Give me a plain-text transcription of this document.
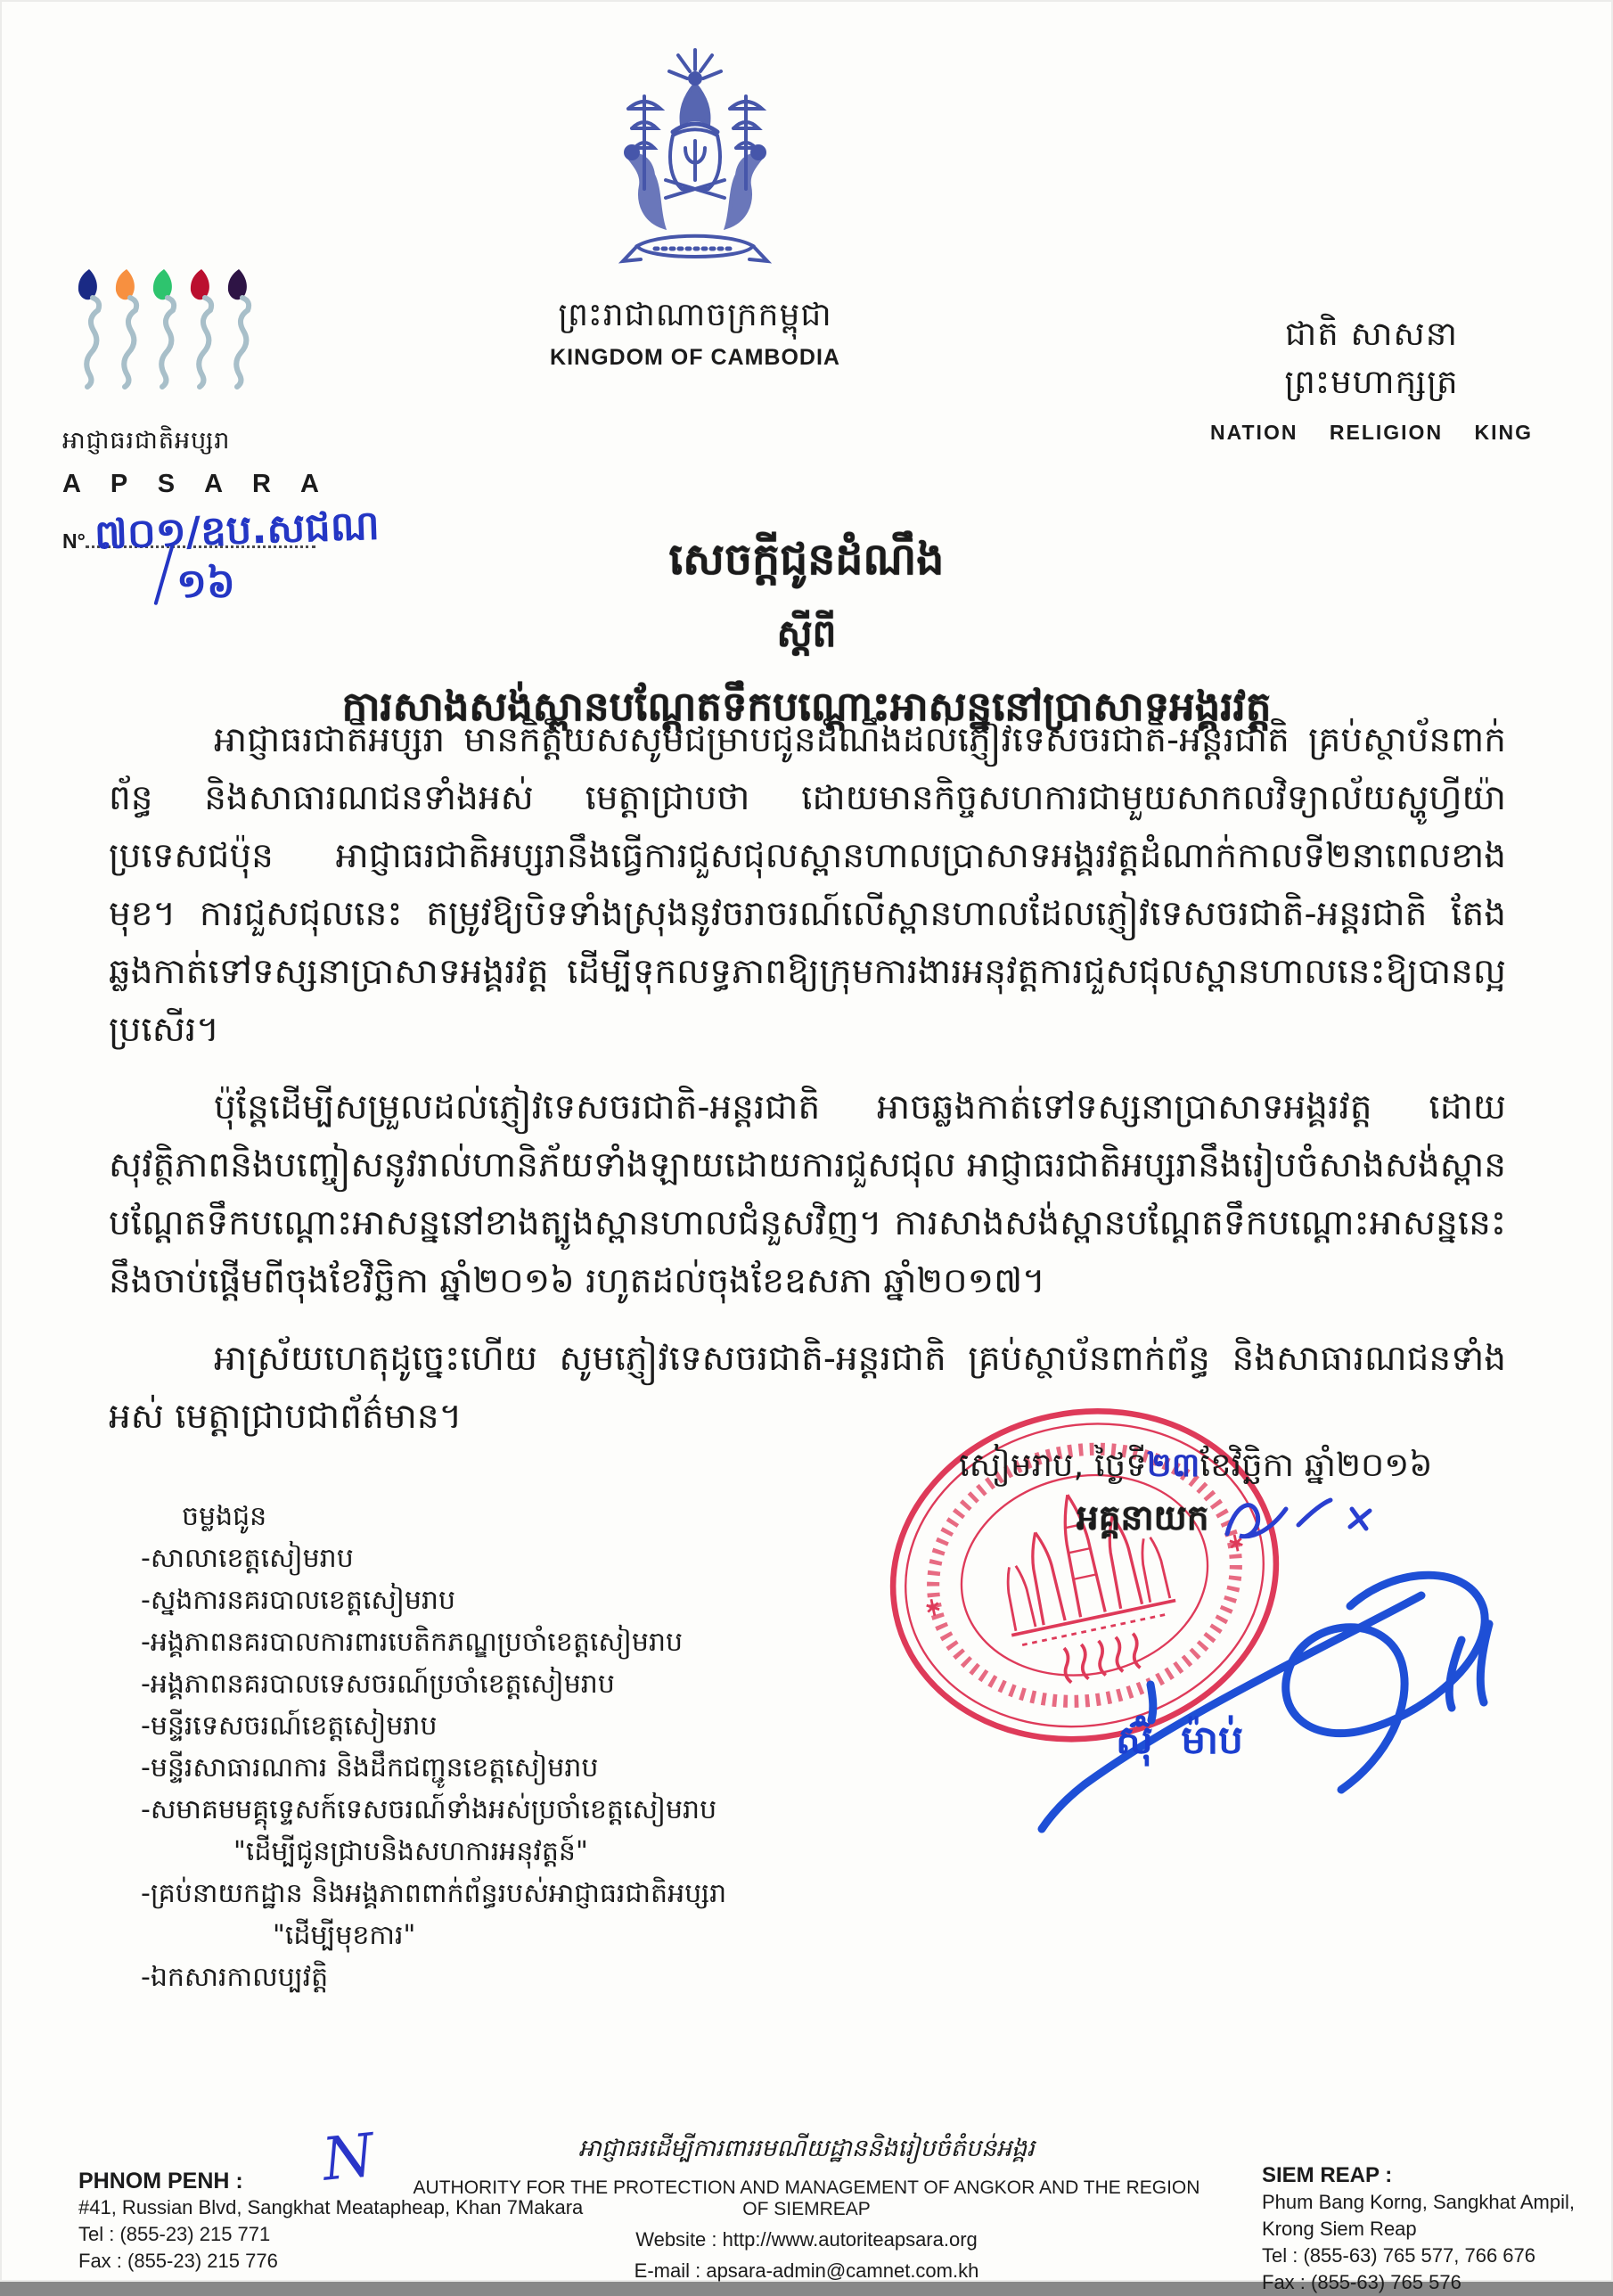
ព្រះរាជាណាចក្រកម្ពុជា
KINGDOM OF CAMBODIA
ជាតិ សាសនា ព្រះមហាក្សត្រ
NATION RELIGION KING
អាជ្ញាធរជាតិអប្សរា
A P S A R A
N° ៧០១/ឧប.សជណ
១៦	សេចក្តីជូនដំណឹង
ស្តីពី
ការសាងសង់ស្ពានបណ្តែតទឹកបណ្តោះអាសន្ននៅប្រាសាទអង្គរវត្ត

អាជ្ញាធរជាតិអប្សរា មានកិត្តិយសសូមជម្រាបជូនដំណឹងដល់ភ្ញៀវទេសចរជាតិ-អន្តរជាតិ គ្រប់ស្ថាប័នពាក់ព័ន្ធ និងសាធារណជនទាំងអស់ មេត្តាជ្រាបថា ដោយមានកិច្ចសហការជាមួយសាកលវិទ្យាល័យស្ហូហ្វីយ៉ា ប្រទេសជប៉ុន អាជ្ញាធរជាតិអប្សរានឹងធ្វើការជួសជុលស្ពានហាលប្រាសាទអង្គរវត្តដំណាក់កាលទី២នាពេលខាងមុខ។ ការជួសជុលនេះ តម្រូវឱ្យបិទទាំងស្រុងនូវចរាចរណ៍លើស្ពានហាលដែលភ្ញៀវទេសចរជាតិ-អន្តរជាតិ តែងឆ្លងកាត់ទៅទស្សនាប្រាសាទអង្គរវត្ត ដើម្បីទុកលទ្ធភាពឱ្យក្រុមការងារអនុវត្តការជួសជុលស្ពានហាលនេះឱ្យបានល្អប្រសើរ។

ប៉ុន្តែដើម្បីសម្រួលដល់ភ្ញៀវទេសចរជាតិ-អន្តរជាតិ អាចឆ្លងកាត់ទៅទស្សនាប្រាសាទអង្គរវត្ត ដោយសុវត្ថិភាពនិងបញ្ចៀសនូវរាល់ហានិភ័យទាំងឡាយដោយការជួសជុល អាជ្ញាធរជាតិអប្សរានឹងរៀបចំសាងសង់ស្ពានបណ្តែតទឹកបណ្តោះអាសន្ននៅខាងត្បូងស្ពានហាលជំនួសវិញ។ ការសាងសង់ស្ពានបណ្តែតទឹកបណ្តោះអាសន្ននេះ នឹងចាប់ផ្តើមពីចុងខែវិច្ឆិកា ឆ្នាំ២០១៦ រហូតដល់ចុងខែឧសភា ឆ្នាំ២០១៧។

អាស្រ័យហេតុដូច្នេះហើយ សូមភ្ញៀវទេសចរជាតិ-អន្តរជាតិ គ្រប់ស្ថាប័នពាក់ព័ន្ធ និងសាធារណជនទាំងអស់ មេត្តាជ្រាបជាព័ត៌មាន។

សៀមរាប, ថ្ងៃទី២៣ខែវិច្ឆិកា ឆ្នាំ២០១៦
អគ្គនាយក
ស៊ុំ ម៉ាប់
ចម្លងជូន
-សាលាខេត្តសៀមរាប
-ស្នងការនគរបាលខេត្តសៀមរាប
-អង្គភាពនគរបាលការពារបេតិកភណ្ឌប្រចាំខេត្តសៀមរាប
-អង្គភាពនគរបាលទេសចរណ៍ប្រចាំខេត្តសៀមរាប
-មន្ទីរទេសចរណ៍ខេត្តសៀមរាប
-មន្ទីរសាធារណការ និងដឹកជញ្ជូនខេត្តសៀមរាប
-សមាគមមគ្គុទ្ទេសក៍ទេសចរណ៍ទាំងអស់ប្រចាំខេត្តសៀមរាប
"ដើម្បីជូនជ្រាបនិងសហការអនុវត្តន៍"
-គ្រប់នាយកដ្ឋាន និងអង្គភាពពាក់ព័ន្ធរបស់អាជ្ញាធរជាតិអប្សរា
"ដើម្បីមុខការ"
-ឯកសារកាលប្បវត្តិ
N
PHNOM PENH :
#41, Russian Blvd, Sangkhat Meatapheap, Khan 7Makara
Tel : (855-23) 215 771
Fax : (855-23) 215 776
អាជ្ញាធរដើម្បីការពាររមណីយដ្ឋាននិងរៀបចំតំបន់អង្គរ
AUTHORITY FOR THE PROTECTION AND MANAGEMENT OF ANGKOR AND THE REGION OF SIEMREAP
Website : http://www.autoriteapsara.org
E-mail : apsara-admin@camnet.com.kh
SIEM REAP :
Phum Bang Korng, Sangkhat Ampil, Krong Siem Reap
Tel : (855-63) 765 577, 766 676
Fax : (855-63) 765 576
